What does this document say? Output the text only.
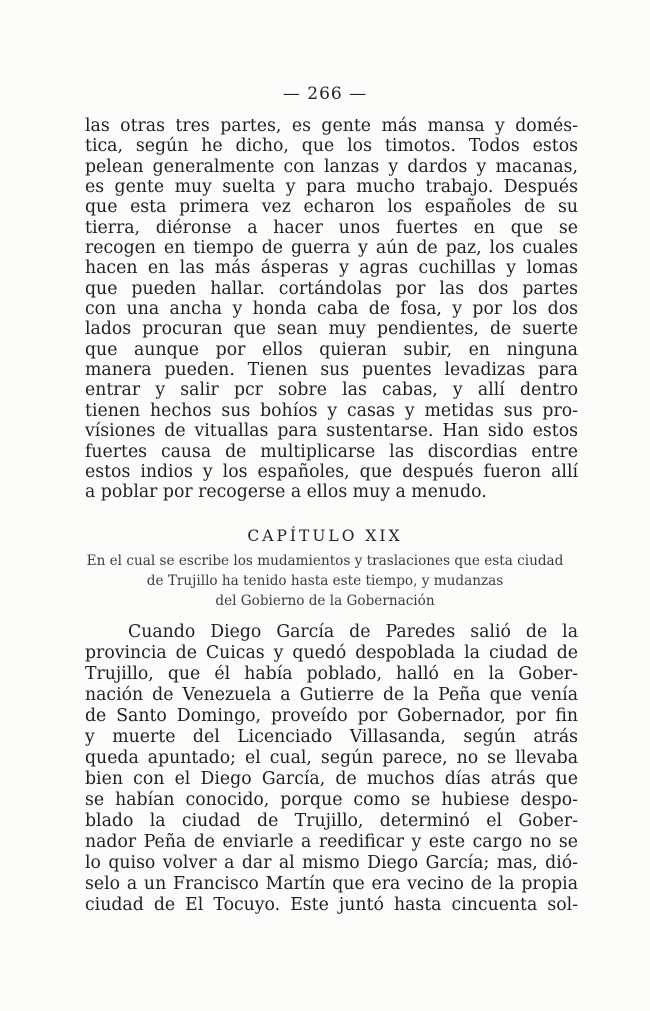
— 266 —
las otras tres partes, es gente más mansa y domés-
tica, según he dicho, que los timotos. Todos estos
pelean generalmente con lanzas y dardos y macanas,
es gente muy suelta y para mucho trabajo. Después
que esta primera vez echaron los españoles de su
tierra, diéronse a hacer unos fuertes en que se
recogen en tiempo de guerra y aún de paz, los cuales
hacen en las más ásperas y agras cuchillas y lomas
que pueden hallar. cortándolas por las dos partes
con una ancha y honda caba de fosa, y por los dos
lados procuran que sean muy pendientes, de suerte
que aunque por ellos quieran subir, en ninguna
manera pueden. Tienen sus puentes levadizas para
entrar y salir pcr sobre las cabas, y allí dentro
tienen hechos sus bohíos y casas y metidas sus pro-
vísiones de vituallas para sustentarse. Han sido estos
fuertes causa de multiplicarse las discordias entre
estos indios y los españoles, que después fueron allí
a poblar por recogerse a ellos muy a menudo.
CAPÍTULO XIX
En el cual se escribe los mudamientos y traslaciones que esta ciudad
de Trujillo ha tenido hasta este tiempo, y mudanzas
del Gobierno de la Gobernación
Cuando Diego García de Paredes salió de la
provincia de Cuicas y quedó despoblada la ciudad de
Trujillo, que él había poblado, halló en la Gober-
nación de Venezuela a Gutierre de la Peña que venía
de Santo Domingo, proveído por Gobernador, por fin
y muerte del Licenciado Villasanda, según atrás
queda apuntado; el cual, según parece, no se llevaba
bien con el Diego García, de muchos días atrás que
se habían conocido, porque como se hubiese despo-
blado la ciudad de Trujillo, determinó el Gober-
nador Peña de enviarle a reedificar y este cargo no se
lo quiso volver a dar al mismo Diego García; mas, dió-
selo a un Francisco Martín que era vecino de la propia
ciudad de El Tocuyo. Este juntó hasta cincuenta sol-
